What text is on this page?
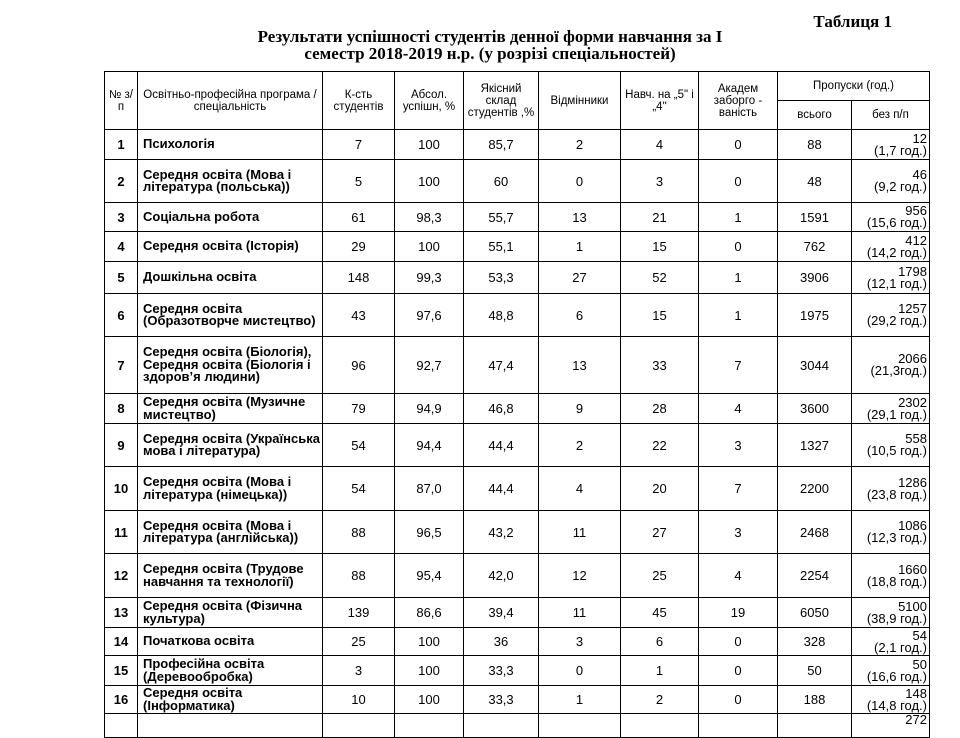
Таблиця 1
Результати успішності студентів денної форми навчання за I
семестр 2018-2019 н.р. (у розрізі спеціальностей)
№ з/п	Освітньо-професійна програма / спеціальність	К-сть студентів	Абсол. успішн, %	Якісний склад студентів ,%	Відмінники	Навч. на „5" і „4"	Академ заборго - ваність	Пропуски (год.)	
								всього	без п/п
1	Психологія	7	100	85,7	2	4	0	88	12
(1,7 год.)

2	Середня освіта (Мова і література (польська))	5	100	60	0	3	0	48	46
(9,2 год.)

3	Соціальна робота	61	98,3	55,7	13	21	1	1591	956
(15,6 год.)

4	Середня освіта (Історія)	29	100	55,1	1	15	0	762	412
(14,2 год.)

5	Дошкільна освіта	148	99,3	53,3	27	52	1	3906	1798
(12,1 год.)

6	Середня освіта (Образотворче мистецтво)	43	97,6	48,8	6	15	1	1975	1257
(29,2 год.)

7	Середня освіта (Біологія), Середня освіта (Біологія і здоров’я людини)	96	92,7	47,4	13	33	7	3044	2066
(21,3год.)

8	Середня освіта (Музичне мистецтво)	79	94,9	46,8	9	28	4	3600	2302
(29,1 год.)

9	Середня освіта (Українська мова і література)	54	94,4	44,4	2	22	3	1327	558
(10,5 год.)

10	Середня освіта (Мова і література (німецька))	54	87,0	44,4	4	20	7	2200	1286
(23,8 год.)

11	Середня освіта (Мова і література (англійська))	88	96,5	43,2	11	27	3	2468	1086
(12,3 год.)

12	Середня освіта (Трудове навчання та технології)	88	95,4	42,0	12	25	4	2254	1660
(18,8 год.)

13	Середня освіта (Фізична культура)	139	86,6	39,4	11	45	19	6050	5100
(38,9 год.)

14	Початкова освіта	25	100	36	3	6	0	328	54
(2,1 год.)

15	Професійна освіта (Деревообробка)	3	100	33,3	0	1	0	50	50
(16,6 год.)

16	Середня освіта (Інформатика)	10	100	33,3	1	2	0	188	148
(14,8 год.)

									272
